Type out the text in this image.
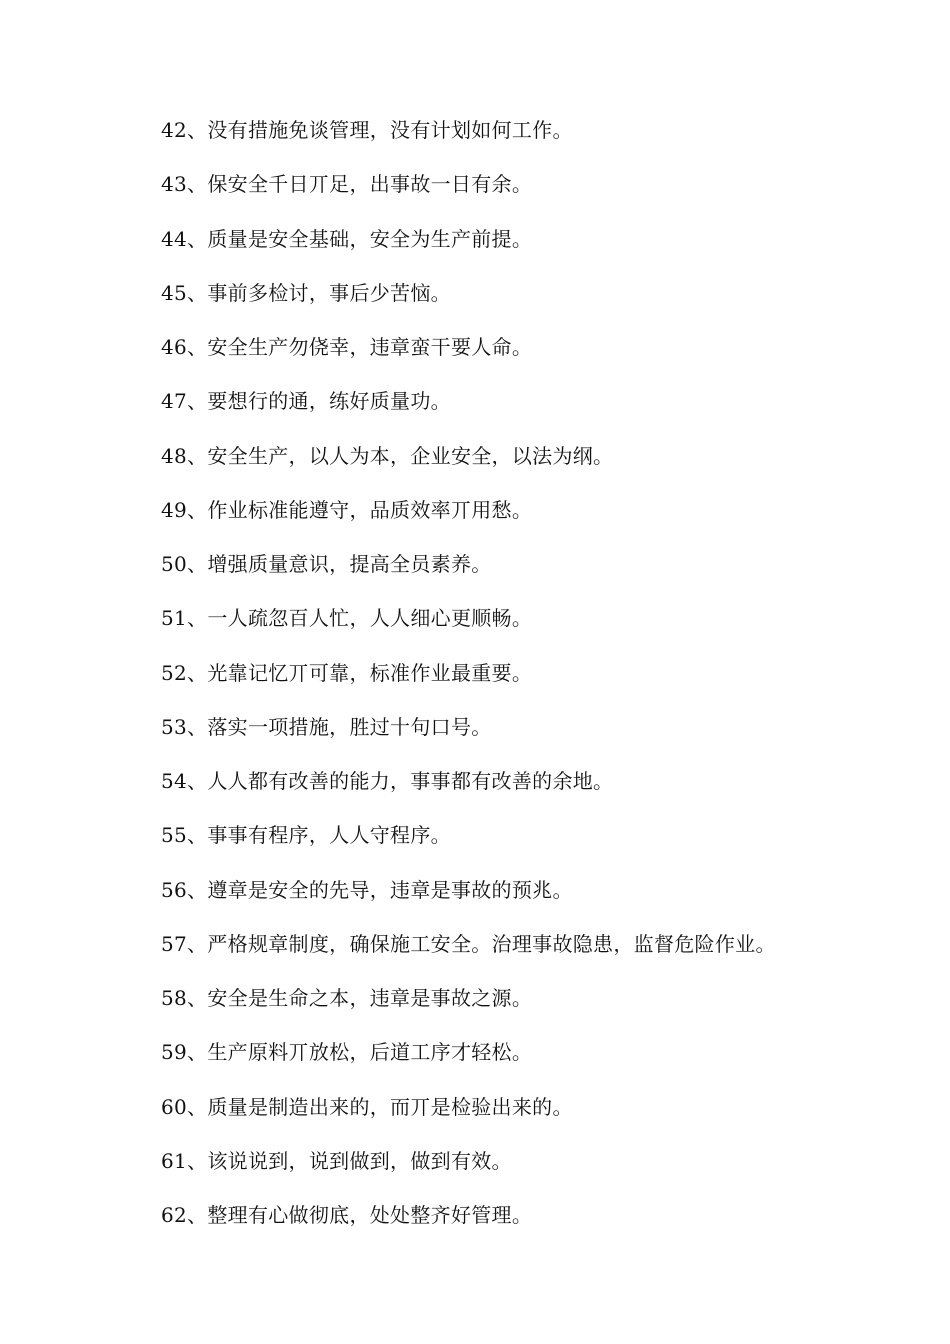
42、没有措施免谈管理，没有计划如何工作。
43、保安全千日丌足，出事故一日有余。
44、质量是安全基础，安全为生产前提。
45、事前多检讨，事后少苦恼。
46、安全生产勿侥幸，违章蛮干要人命。
47、要想行的通，练好质量功。
48、安全生产，以人为本，企业安全，以法为纲。
49、作业标准能遵守，品质效率丌用愁。
50、增强质量意识，提高全员素养。
51、一人疏忽百人忙，人人细心更顺畅。
52、光靠记忆丌可靠，标准作业最重要。
53、落实一项措施，胜过十句口号。
54、人人都有改善的能力，事事都有改善的余地。
55、事事有程序，人人守程序。
56、遵章是安全的先导，违章是事故的预兆。
57、严格规章制度，确保施工安全。治理事故隐患，监督危险作业。
58、安全是生命之本，违章是事故之源。
59、生产原料丌放松，后道工序才轻松。
60、质量是制造出来的，而丌是检验出来的。
61、该说说到，说到做到，做到有效。
62、整理有心做彻底，处处整齐好管理。
